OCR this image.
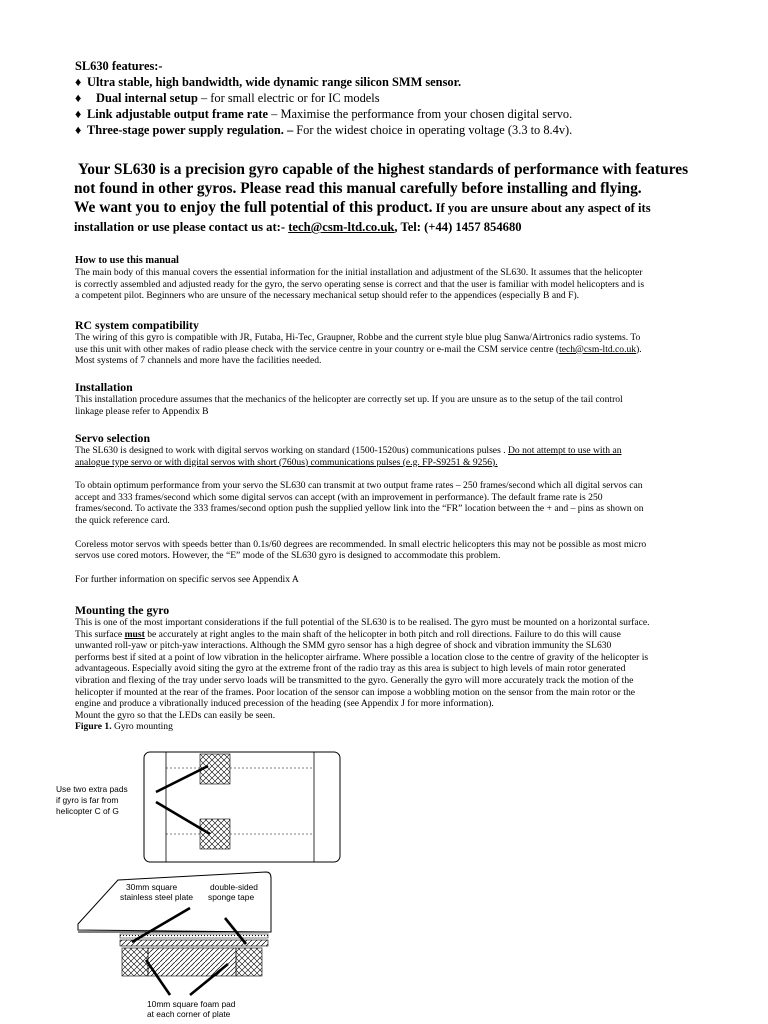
SL630 features:-
♦ Ultra stable, high bandwidth, wide dynamic range silicon SMM sensor.
♦ Dual internal setup – for small electric or for IC models
♦ Link adjustable output frame rate – Maximise the performance from your chosen digital servo.
♦ Three-stage power supply regulation. – For the widest choice in operating voltage (3.3 to 8.4v).
Your SL630 is a precision gyro capable of the highest standards of performance with features
not found in other gyros. Please read this manual carefully before installing and flying.
We want you to enjoy the full potential of this product. If you are unsure about any aspect of its
installation or use please contact us at:- tech@csm-ltd.co.uk, Tel: (+44) 1457 854680
How to use this manual
The main body of this manual covers the essential information for the initial installation and adjustment of the SL630. It assumes that the helicopter
is correctly assembled and adjusted ready for the gyro, the servo operating sense is correct and that the user is familiar with model helicopters and is
a competent pilot. Beginners who are unsure of the necessary mechanical setup should refer to the appendices (especially B and F).
RC system compatibility
The wiring of this gyro is compatible with JR, Futaba, Hi-Tec, Graupner, Robbe and the current style blue plug Sanwa/Airtronics radio systems. To
use this unit with other makes of radio please check with the service centre in your country or e-mail the CSM service centre (tech@csm-ltd.co.uk).
Most systems of 7 channels and more have the facilities needed.
Installation
This installation procedure assumes that the mechanics of the helicopter are correctly set up. If you are unsure as to the setup of the tail control
linkage please refer to Appendix B
Servo selection
The SL630 is designed to work with digital servos working on standard (1500-1520us) communications pulses . Do not attempt to use with an
analogue type servo or with digital servos with short (760us) communications pulses (e.g. FP-S9251 & 9256).
To obtain optimum performance from your servo the SL630 can transmit at two output frame rates – 250 frames/second which all digital servos can
accept and 333 frames/second which some digital servos can accept (with an improvement in performance). The default frame rate is 250
frames/second. To activate the 333 frames/second option push the supplied yellow link into the “FR” location between the + and – pins as shown on
the quick reference card.
Coreless motor servos with speeds better than 0.1s/60 degrees are recommended. In small electric helicopters this may not be possible as most micro
servos use cored motors. However, the “E” mode of the SL630 gyro is designed to accommodate this problem.
For further information on specific servos see Appendix A
Mounting the gyro
This is one of the most important considerations if the full potential of the SL630 is to be realised. The gyro must be mounted on a horizontal surface.
This surface must be accurately at right angles to the main shaft of the helicopter in both pitch and roll directions. Failure to do this will cause
unwanted roll-yaw or pitch-yaw interactions. Although the SMM gyro sensor has a high degree of shock and vibration immunity the SL630
performs best if sited at a point of low vibration in the helicopter airframe. Where possible a location close to the centre of gravity of the helicopter is
advantageous. Especially avoid siting the gyro at the extreme front of the radio tray as this area is subject to high levels of main rotor generated
vibration and flexing of the tray under servo loads will be transmitted to the gyro. Generally the gyro will more accurately track the motion of the
helicopter if mounted at the rear of the frames. Poor location of the sensor can impose a wobbling motion on the sensor from the main rotor or the
engine and produce a vibrationally induced precession of the heading (see Appendix J for more information).
Mount the gyro so that the LEDs can easily be seen.
Figure 1. Gyro mounting
Use two extra pads
if gyro is far from
helicopter C of G
30mm square
stainless steel plate
double-sided
sponge tape
10mm square foam pad
at each corner of plate
